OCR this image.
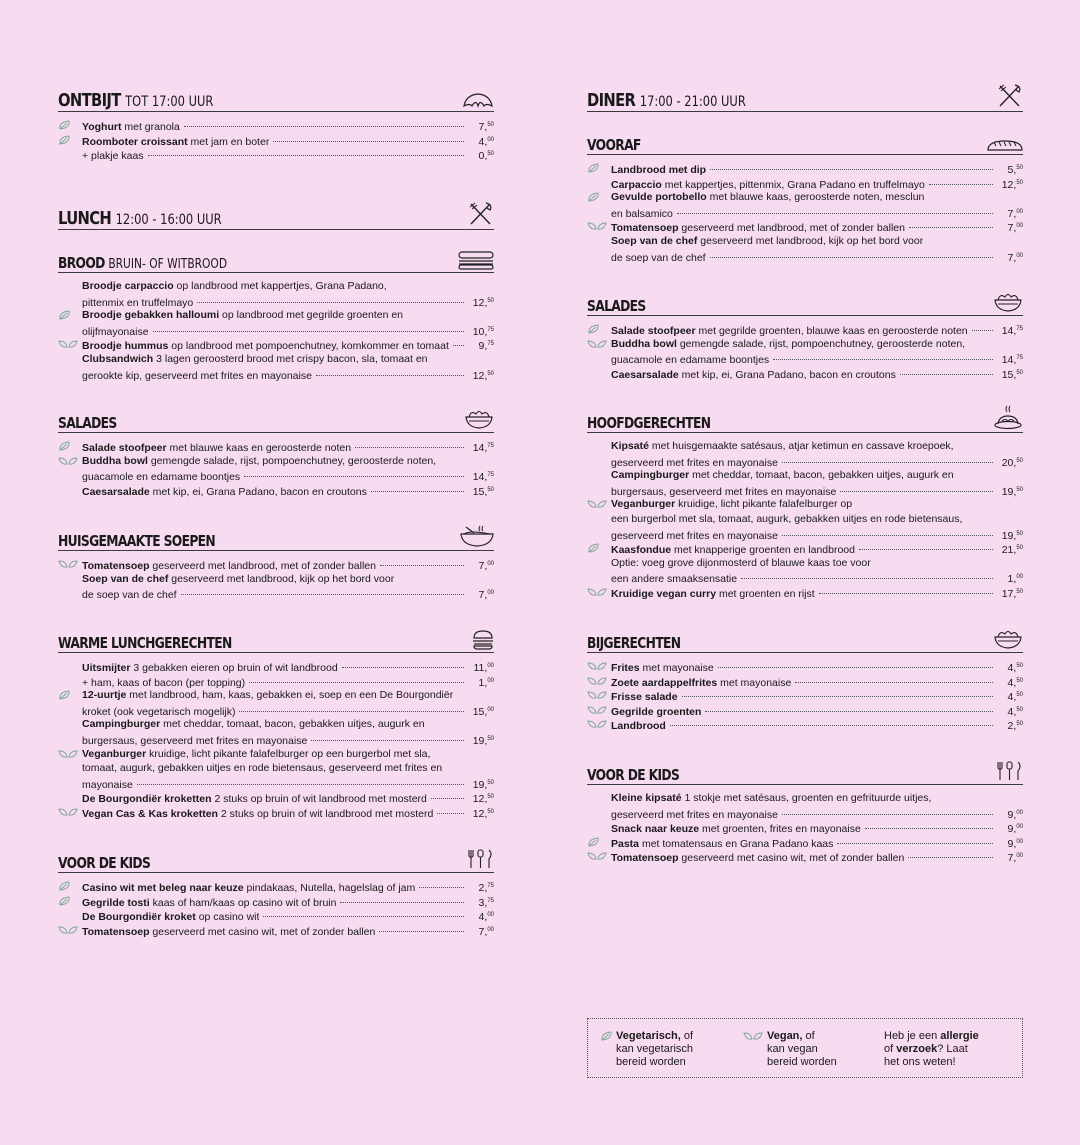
ONTBIJT TOT 17:00 UUR
Yoghurt met granola	7,50
Roomboter croissant met jam en boter	4,00
+ plakje kaas	0,50
LUNCH 12:00 - 16:00 UUR
BROOD BRUIN- OF WITBROOD
Broodje carpaccio op landbrood met kappertjes, Grana Padano,
pittenmix en truffelmayo	12,50
Broodje gebakken halloumi op landbrood met gegrilde groenten en
olijfmayonaise	10,75
Broodje hummus op landbrood met pompoenchutney, komkommer en tomaat	9,75
Clubsandwich 3 lagen geroosterd brood met crispy bacon, sla, tomaat en
gerookte kip, geserveerd met frites en mayonaise	12,50
SALADES
Salade stoofpeer met blauwe kaas en geroosterde noten	14,75
Buddha bowl gemengde salade, rijst, pompoenchutney, geroosterde noten,
guacamole en edamame boontjes	14,75
Caesarsalade met kip, ei, Grana Padano, bacon en croutons	15,50
HUISGEMAAKTE SOEPEN
Tomatensoep geserveerd met landbrood, met of zonder ballen	7,00
Soep van de chef geserveerd met landbrood, kijk op het bord voor
de soep van de chef	7,00
WARME LUNCHGERECHTEN
Uitsmijter 3 gebakken eieren op bruin of wit landbrood	11,00
+ ham, kaas of bacon (per topping)	1,00
12-uurtje met landbrood, ham, kaas, gebakken ei, soep en een De Bourgondiër
kroket (ook vegetarisch mogelijk)	15,00
Campingburger met cheddar, tomaat, bacon, gebakken uitjes, augurk en
burgersaus, geserveerd met frites en mayonaise	19,50
Veganburger kruidige, licht pikante falafelburger op een burgerbol met sla,
tomaat, augurk, gebakken uitjes en rode bietensaus, geserveerd met frites en
mayonaise	19,50
De Bourgondiër kroketten 2 stuks op bruin of wit landbrood met mosterd	12,50
Vegan Cas & Kas kroketten 2 stuks op bruin of wit landbrood met mosterd	12,50
VOOR DE KIDS
Casino wit met beleg naar keuze pindakaas, Nutella, hagelslag of jam	2,75
Gegrilde tosti kaas of ham/kaas op casino wit of bruin	3,75
De Bourgondiër kroket op casino wit	4,00
Tomatensoep geserveerd met casino wit, met of zonder ballen	7,00
DINER 17:00 - 21:00 UUR
VOORAF
Landbrood met dip	5,50
Carpaccio met kappertjes, pittenmix, Grana Padano en truffelmayo	12,50
Gevulde portobello met blauwe kaas, geroosterde noten, mesclun
en balsamico	7,00
Tomatensoep geserveerd met landbrood, met of zonder ballen	7,00
Soep van de chef geserveerd met landbrood, kijk op het bord voor
de soep van de chef	7,00
SALADES
Salade stoofpeer met gegrilde groenten, blauwe kaas en geroosterde noten	14,75
Buddha bowl gemengde salade, rijst, pompoenchutney, geroosterde noten,
guacamole en edamame boontjes	14,75
Caesarsalade met kip, ei, Grana Padano, bacon en croutons	15,50
HOOFDGERECHTEN
Kipsaté met huisgemaakte satésaus, atjar ketimun en cassave kroepoek,
geserveerd met frites en mayonaise	20,50
Campingburger met cheddar, tomaat, bacon, gebakken uitjes, augurk en
burgersaus, geserveerd met frites en mayonaise	19,50
Veganburger kruidige, licht pikante falafelburger op
een burgerbol met sla, tomaat, augurk, gebakken uitjes en rode bietensaus,
geserveerd met frites en mayonaise	19,50
Kaasfondue met knapperige groenten en landbrood	21,50
Optie: voeg grove dijonmosterd of blauwe kaas toe voor
een andere smaaksensatie	1,00
Kruidige vegan curry met groenten en rijst	17,50
BIJGERECHTEN
Frites met mayonaise	4,50
Zoete aardappelfrites met mayonaise	4,50
Frisse salade	4,50
Gegrilde groenten	4,50
Landbrood	2,50
VOOR DE KIDS
Kleine kipsaté 1 stokje met satésaus, groenten en gefrituurde uitjes,
geserveerd met frites en mayonaise	9,00
Snack naar keuze met groenten, frites en mayonaise	9,00
Pasta met tomatensaus en Grana Padano kaas	9,00
Tomatensoep geserveerd met casino wit, met of zonder ballen	7,00
Vegetarisch, of
kan vegetarisch
bereid worden
Vegan, of
kan vegan
bereid worden
Heb je een allergie
of verzoek? Laat
het ons weten!
